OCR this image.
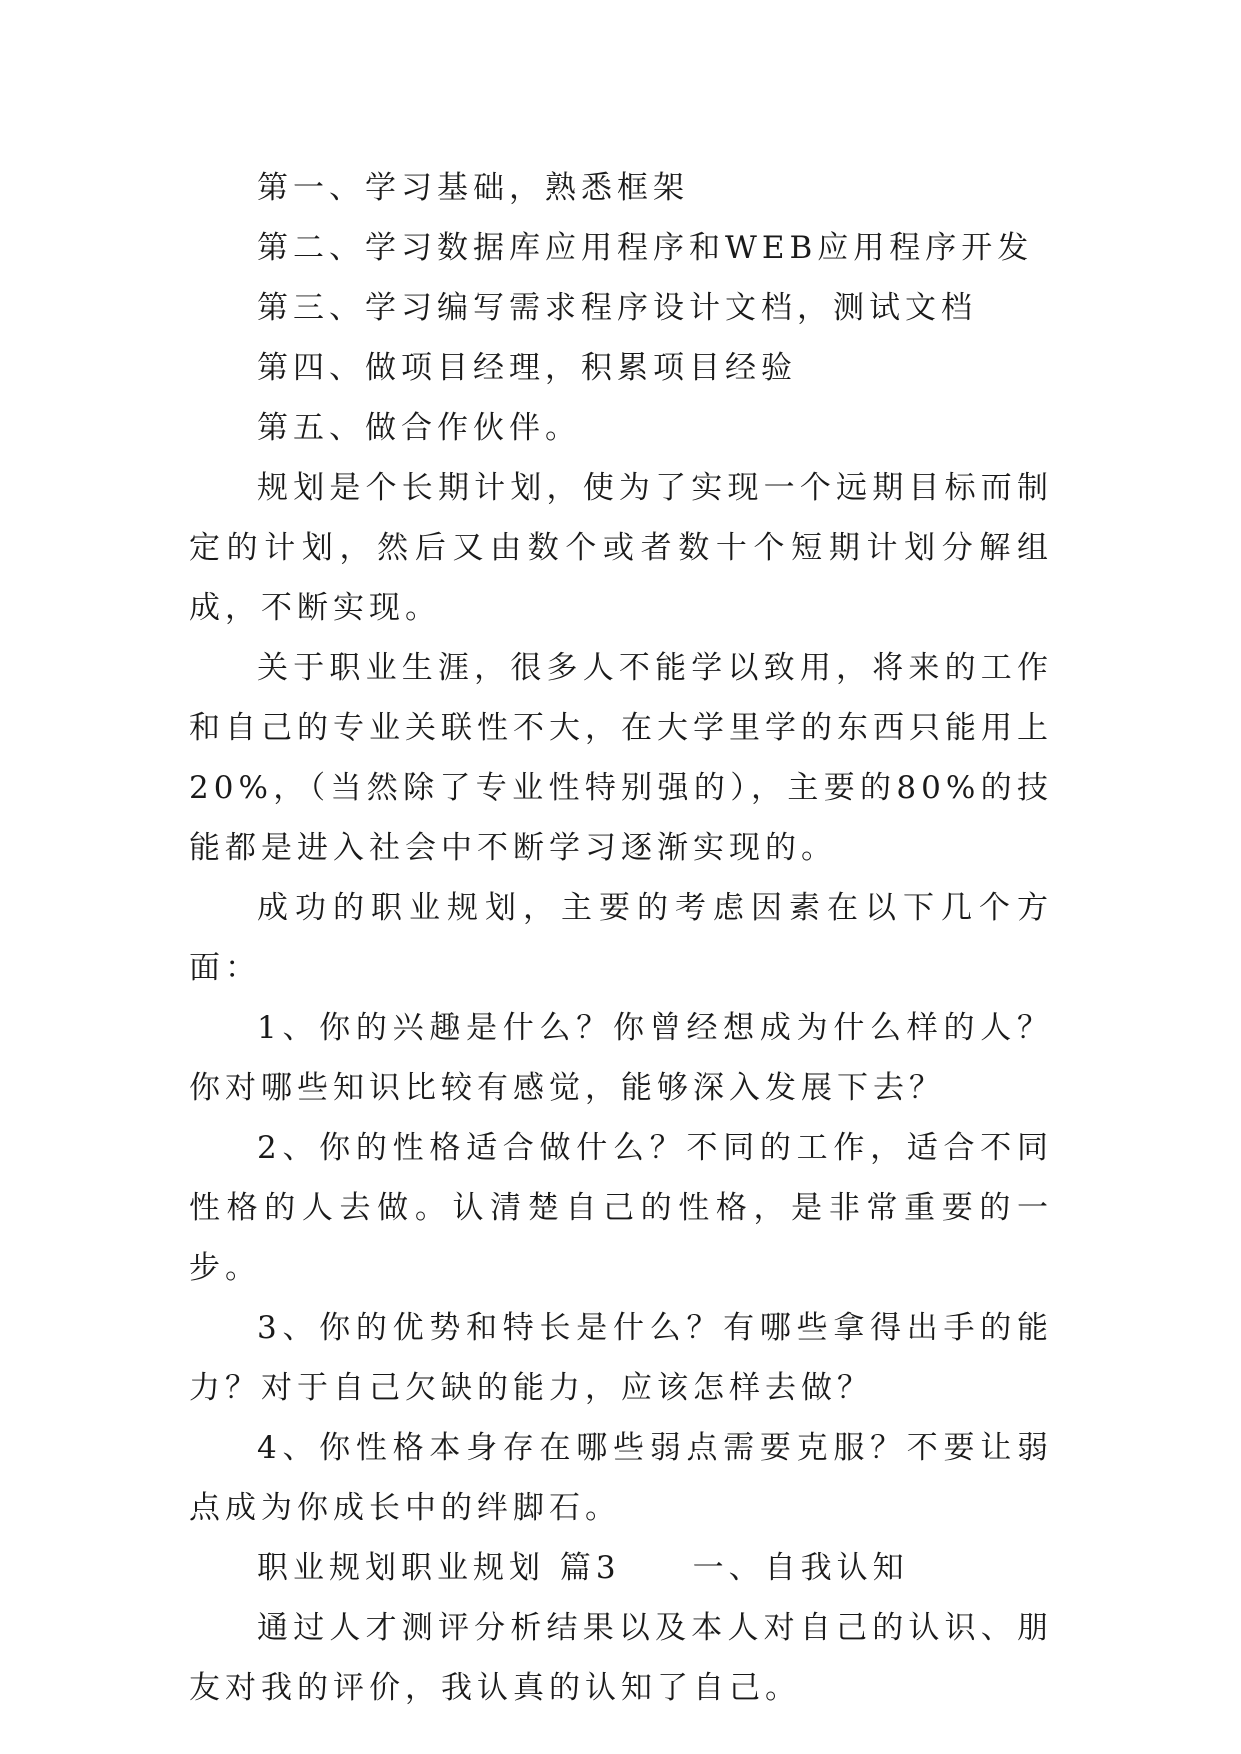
第一、学习基础，熟悉框架

第二、学习数据库应用程序和WEB应用程序开发

第三、学习编写需求程序设计文档，测试文档

第四、做项目经理，积累项目经验

第五、做合作伙伴。

规划是个长期计划，使为了实现一个远期目标而制定的计划，然后又由数个或者数十个短期计划分解组成，不断实现。

关于职业生涯，很多人不能学以致用，将来的工作和自己的专业关联性不大，在大学里学的东西只能用上20%，（当然除了专业性特别强的），主要的80%的技能都是进入社会中不断学习逐渐实现的。

成功的职业规划，主要的考虑因素在以下几个方面：

1、你的兴趣是什么？你曾经想成为什么样的人？你对哪些知识比较有感觉，能够深入发展下去？

2、你的性格适合做什么？不同的工作，适合不同性格的人去做。认清楚自己的性格，是非常重要的一步。

3、你的优势和特长是什么？有哪些拿得出手的能力？对于自己欠缺的能力，应该怎样去做？

4、你性格本身存在哪些弱点需要克服？不要让弱点成为你成长中的绊脚石。

职业规划职业规划 篇3　　一、自我认知

通过人才测评分析结果以及本人对自己的认识、朋友对我的评价，我认真的认知了自己。
